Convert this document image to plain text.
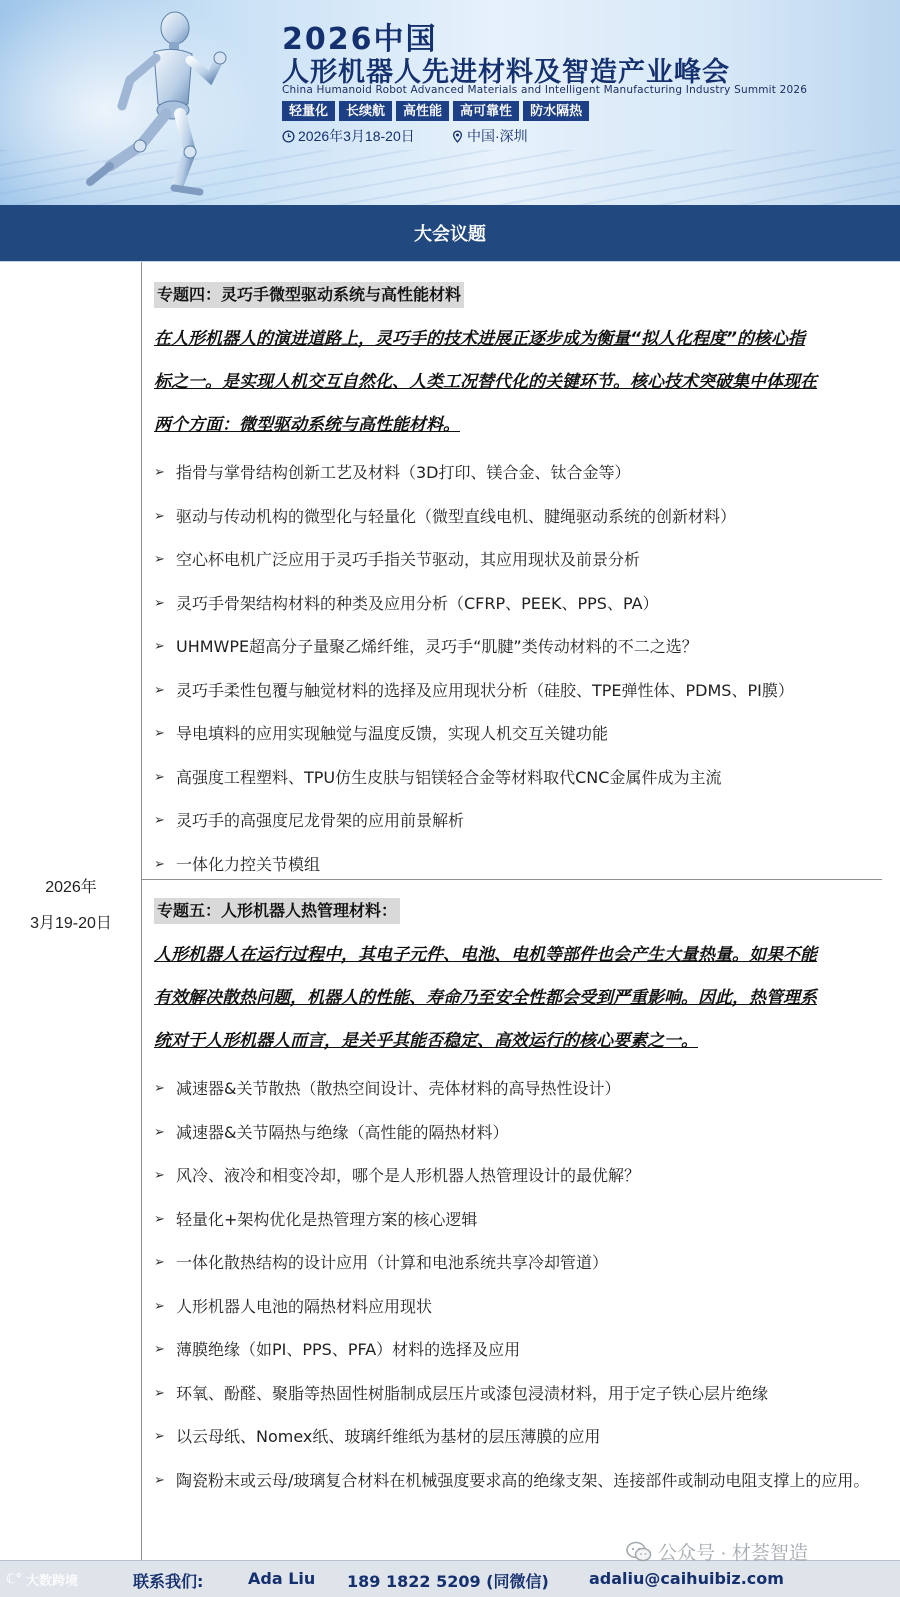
2026中国
人形机器人先进材料及智造产业峰会
China Humanoid Robot Advanced Materials and Intelligent Manufacturing Industry Summit 2026
轻量化	长续航	高性能	高可靠性	防水隔热
2026年3月18-20日	中国·深圳
大会议题
2026年
3月19-20日
专题四：灵巧手微型驱动系统与高性能材料
在人形机器人的演进道路上，灵巧手的技术进展正逐步成为衡量“拟人化程度”的核心指
标之一。是实现人机交互自然化、人类工况替代化的关键环节。核心技术突破集中体现在
两个方面：微型驱动系统与高性能材料。
➢ 指骨与掌骨结构创新工艺及材料（3D打印、镁合金、钛合金等）
➢ 驱动与传动机构的微型化与轻量化（微型直线电机、腱绳驱动系统的创新材料）
➢ 空心杯电机广泛应用于灵巧手指关节驱动，其应用现状及前景分析
➢ 灵巧手骨架结构材料的种类及应用分析（CFRP、PEEK、PPS、PA）
➢ UHMWPE超高分子量聚乙烯纤维，灵巧手“肌腱”类传动材料的不二之选？
➢ 灵巧手柔性包覆与触觉材料的选择及应用现状分析（硅胶、TPE弹性体、PDMS、PI膜）
➢ 导电填料的应用实现触觉与温度反馈，实现人机交互关键功能
➢ 高强度工程塑料、TPU仿生皮肤与铝镁轻合金等材料取代CNC金属件成为主流
➢ 灵巧手的高强度尼龙骨架的应用前景解析
➢ 一体化力控关节模组
专题五：人形机器人热管理材料：
人形机器人在运行过程中，其电子元件、电池、电机等部件也会产生大量热量。如果不能
有效解决散热问题，机器人的性能、寿命乃至安全性都会受到严重影响。因此，热管理系
统对于人形机器人而言，是关乎其能否稳定、高效运行的核心要素之一。
➢ 减速器&关节散热（散热空间设计、壳体材料的高导热性设计）
➢ 减速器&关节隔热与绝缘（高性能的隔热材料）
➢ 风冷、液冷和相变冷却，哪个是人形机器人热管理设计的最优解？
➢ 轻量化+架构优化是热管理方案的核心逻辑
➢ 一体化散热结构的设计应用（计算和电池系统共享冷却管道）
➢ 人形机器人电池的隔热材料应用现状
➢ 薄膜绝缘（如PI、PPS、PFA）材料的选择及应用
➢ 环氧、酚醛、聚脂等热固性树脂制成层压片或漆包浸渍材料，用于定子铁心层片绝缘
➢ 以云母纸、Nomex纸、玻璃纤维纸为基材的层压薄膜的应用
➢ 陶瓷粉末或云母/玻璃复合材料在机械强度要求高的绝缘支架、连接部件或制动电阻支撑上的应用。
ℂ° 大数跨境	联系我们:	Ada Liu 189 1822 5209 (同微信)	adaliu@caihuibiz.com
公众号 · 材荟智造
